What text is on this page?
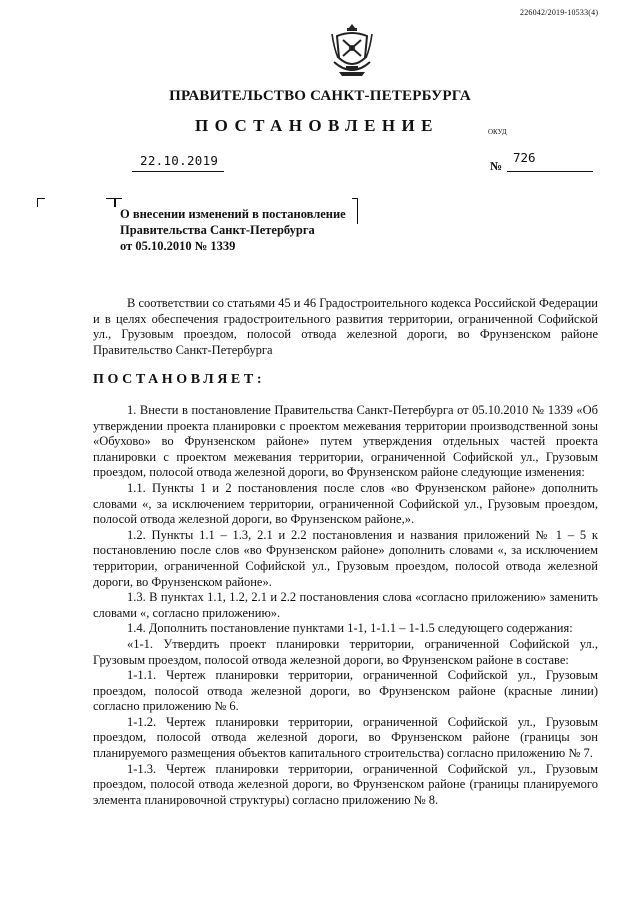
226042/2019-10533(4)
ПРАВИТЕЛЬСТВО САНКТ-ПЕТЕРБУРГА
ПОСТАНОВЛЕНИЕ	ОКУД
22.10.2019	№
726
О внесении изменений в постановление
Правительства Санкт-Петербурга
от 05.10.2010 № 1339

В соответствии со статьями 45 и 46 Градостроительного кодекса Российской Федерации и в целях обеспечения градостроительного развития территории, ограниченной Софийской ул., Грузовым проездом, полосой отвода железной дороги, во Фрунзенском районе Правительство Санкт-Петербурга

ПОСТАНОВЛЯЕТ:

1. Внести в постановление Правительства Санкт-Петербурга от 05.10.2010 № 1339 «Об утверждении проекта планировки с проектом межевания территории производственной зоны «Обухово» во Фрунзенском районе» путем утверждения отдельных частей проекта планировки с проектом межевания территории, ограниченной Софийской ул., Грузовым проездом, полосой отвода железной дороги, во Фрунзенском районе следующие изменения:

1.1. Пункты 1 и 2 постановления после слов «во Фрунзенском районе» дополнить словами «, за исключением территории, ограниченной Софийской ул., Грузовым проездом, полосой отвода железной дороги, во Фрунзенском районе,».

1.2. Пункты 1.1 – 1.3, 2.1 и 2.2 постановления и названия приложений № 1 – 5 к постановлению после слов «во Фрунзенском районе» дополнить словами «, за исключением территории, ограниченной Софийской ул., Грузовым проездом, полосой отвода железной дороги, во Фрунзенском районе».

1.3. В пунктах 1.1, 1.2, 2.1 и 2.2 постановления слова «согласно приложению» заменить словами «, согласно приложению».

1.4. Дополнить постановление пунктами 1-1, 1-1.1 – 1-1.5 следующего содержания:

«1-1. Утвердить проект планировки территории, ограниченной Софийской ул., Грузовым проездом, полосой отвода железной дороги, во Фрунзенском районе в составе:

1-1.1. Чертеж планировки территории, ограниченной Софийской ул., Грузовым проездом, полосой отвода железной дороги, во Фрунзенском районе (красные линии) согласно приложению № 6.

1-1.2. Чертеж планировки территории, ограниченной Софийской ул., Грузовым проездом, полосой отвода железной дороги, во Фрунзенском районе (границы зон планируемого размещения объектов капитального строительства) согласно приложению № 7.

1-1.3. Чертеж планировки территории, ограниченной Софийской ул., Грузовым проездом, полосой отвода железной дороги, во Фрунзенском районе (границы планируемого элемента планировочной структуры) согласно приложению № 8.
